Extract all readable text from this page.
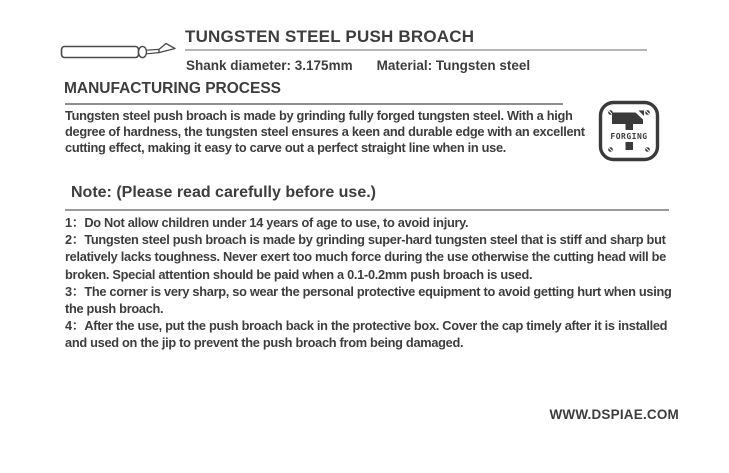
TUNGSTEN STEEL PUSH BROACH
Shank diameter: 3.175mm Material: Tungsten steel
MANUFACTURING PROCESS

Tungsten steel push broach is made by grinding fully forged tungsten steel. With a high degree of hardness, the tungsten steel ensures a keen and durable edge with an excellent cutting effect, making it easy to carve out a perfect straight line when in use.

FORGING
Note: (Please read carefully before use.)

1：Do Not allow children under 14 years of age to use, to avoid injury.

2：Tungsten steel push broach is made by grinding super-hard tungsten steel that is stiff and sharp but relatively lacks toughness. Never exert too much force during the use otherwise the cutting head will be broken. Special attention should be paid when a 0.1-0.2mm push broach is used.

3：The corner is very sharp, so wear the personal protective equipment to avoid getting hurt when using the push broach.

4：After the use, put the push broach back in the protective box. Cover the cap timely after it is installed and used on the jip to prevent the push broach from being damaged.

WWW.DSPIAE.COM
